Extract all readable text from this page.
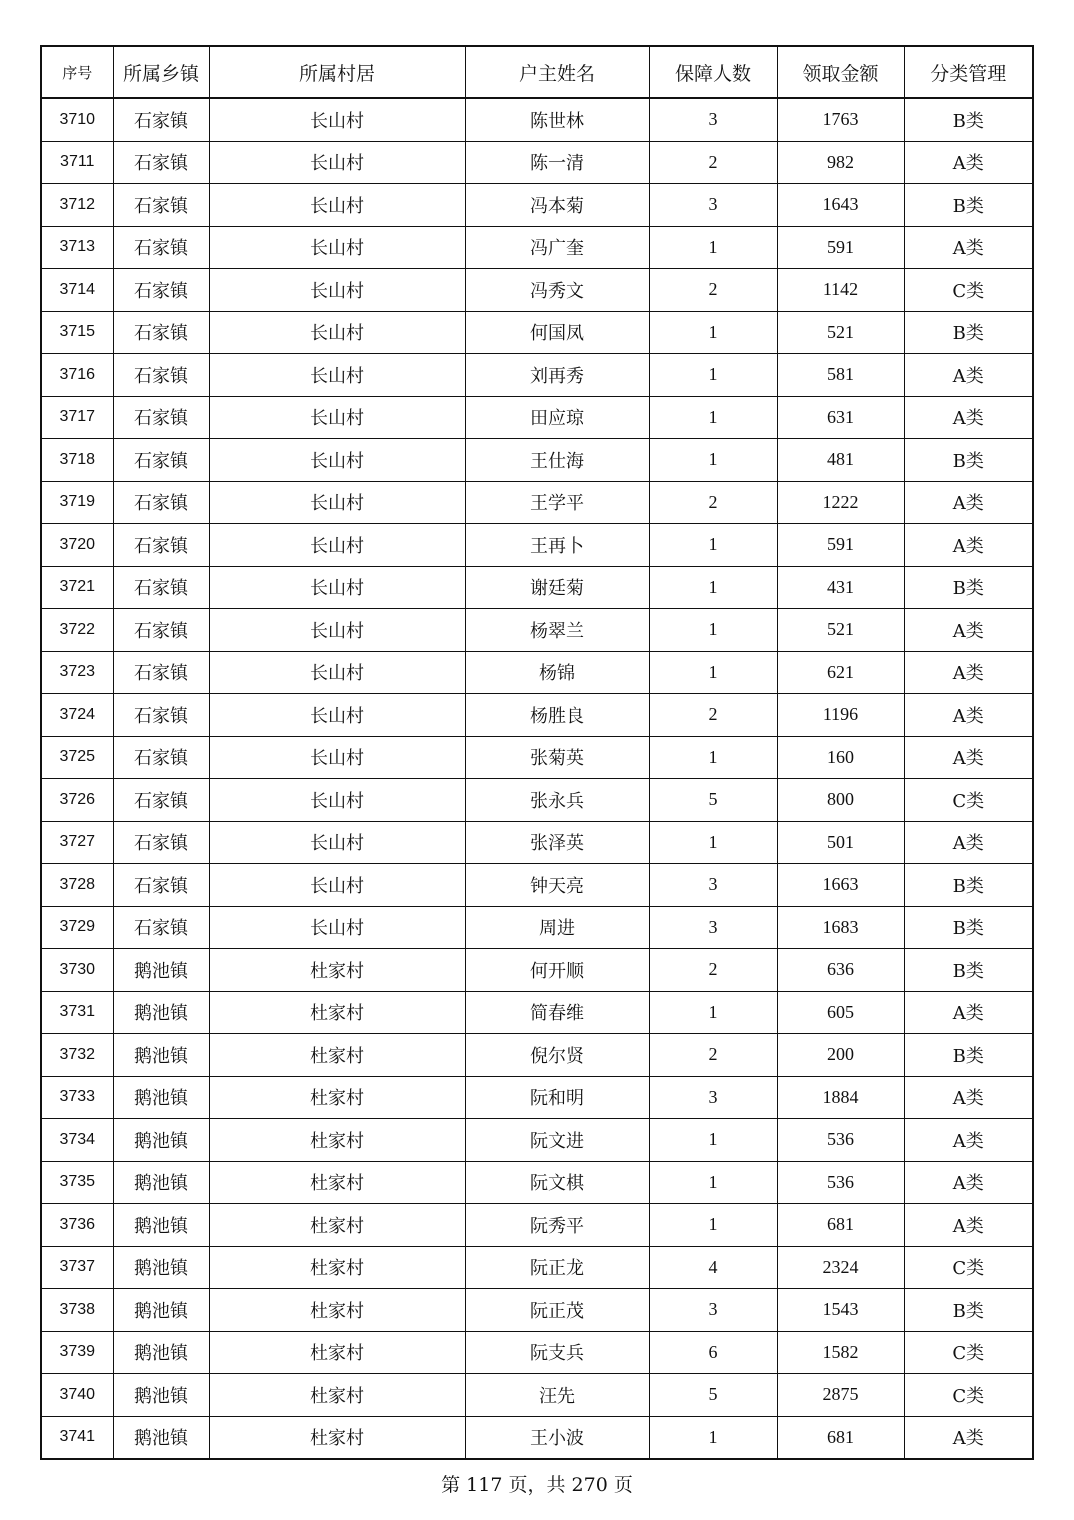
序号	所属乡镇	所属村居	户主姓名	保障人数	领取金额	分类管理
3710	石家镇	长山村	陈世林	3	1763	B类
3711	石家镇	长山村	陈一清	2	982	A类
3712	石家镇	长山村	冯本菊	3	1643	B类
3713	石家镇	长山村	冯广奎	1	591	A类
3714	石家镇	长山村	冯秀文	2	1142	C类
3715	石家镇	长山村	何国凤	1	521	B类
3716	石家镇	长山村	刘再秀	1	581	A类
3717	石家镇	长山村	田应琼	1	631	A类
3718	石家镇	长山村	王仕海	1	481	B类
3719	石家镇	长山村	王学平	2	1222	A类
3720	石家镇	长山村	王再卜	1	591	A类
3721	石家镇	长山村	谢廷菊	1	431	B类
3722	石家镇	长山村	杨翠兰	1	521	A类
3723	石家镇	长山村	杨锦	1	621	A类
3724	石家镇	长山村	杨胜良	2	1196	A类
3725	石家镇	长山村	张菊英	1	160	A类
3726	石家镇	长山村	张永兵	5	800	C类
3727	石家镇	长山村	张泽英	1	501	A类
3728	石家镇	长山村	钟天亮	3	1663	B类
3729	石家镇	长山村	周进	3	1683	B类
3730	鹅池镇	杜家村	何开顺	2	636	B类
3731	鹅池镇	杜家村	简春维	1	605	A类
3732	鹅池镇	杜家村	倪尔贤	2	200	B类
3733	鹅池镇	杜家村	阮和明	3	1884	A类
3734	鹅池镇	杜家村	阮文进	1	536	A类
3735	鹅池镇	杜家村	阮文棋	1	536	A类
3736	鹅池镇	杜家村	阮秀平	1	681	A类
3737	鹅池镇	杜家村	阮正龙	4	2324	C类
3738	鹅池镇	杜家村	阮正茂	3	1543	B类
3739	鹅池镇	杜家村	阮支兵	6	1582	C类
3740	鹅池镇	杜家村	汪先	5	2875	C类
3741	鹅池镇	杜家村	王小波	1	681	A类
第 117 页，共 270 页
